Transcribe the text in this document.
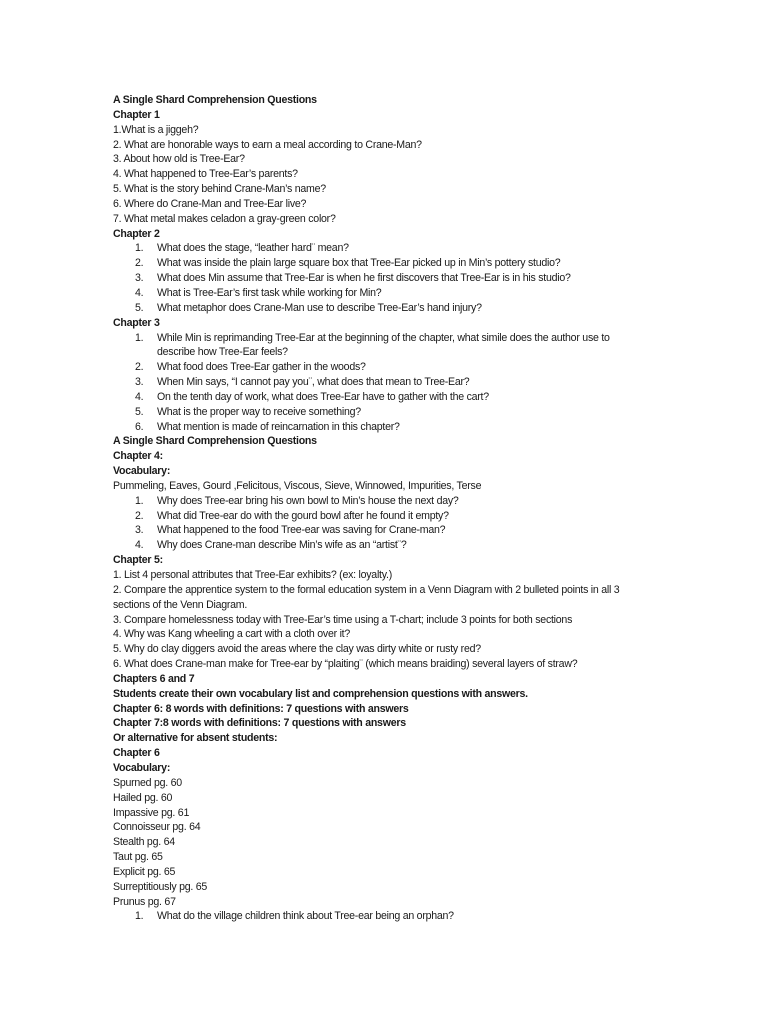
A Single Shard Comprehension Questions
Chapter 1
1.What is a jiggeh?
2. What are honorable ways to earn a meal according to Crane-Man?
3. About how old is Tree-Ear?
4. What happened to Tree-Ear’s parents?
5. What is the story behind Crane-Man’s name?
6. Where do Crane-Man and Tree-Ear live?
7. What metal makes celadon a gray-green color?
Chapter 2
1.	What does the stage, “leather hard¨ mean?
2.	What was inside the plain large square box that Tree-Ear picked up in Min’s pottery studio?
3.	What does Min assume that Tree-Ear is when he first discovers that Tree-Ear is in his studio?
4.	What is Tree-Ear’s first task while working for Min?
5.	What metaphor does Crane-Man use to describe Tree-Ear’s hand injury?
Chapter 3
1.	While Min is reprimanding Tree-Ear at the beginning of the chapter, what simile does the author use to describe how Tree-Ear feels?
2.	What food does Tree-Ear gather in the woods?
3.	When Min says, “I cannot pay you¨, what does that mean to Tree-Ear?
4.	On the tenth day of work, what does Tree-Ear have to gather with the cart?
5.	What is the proper way to receive something?
6.	What mention is made of reincarnation in this chapter?
A Single Shard Comprehension Questions
Chapter 4:
Vocabulary:
Pummeling, Eaves, Gourd ,Felicitous, Viscous, Sieve, Winnowed, Impurities, Terse
1.	Why does Tree-ear bring his own bowl to Min’s house the next day?
2.	What did Tree-ear do with the gourd bowl after he found it empty?
3.	What happened to the food Tree-ear was saving for Crane-man?
4.	Why does Crane-man describe Min’s wife as an “artist¨?
Chapter 5:
1. List 4 personal attributes that Tree-Ear exhibits? (ex: loyalty.)
2. Compare the apprentice system to the formal education system in a Venn Diagram with 2 bulleted points in all 3 sections of the Venn Diagram.
3. Compare homelessness today with Tree-Ear’s time using a T-chart; include 3 points for both sections
4. Why was Kang wheeling a cart with a cloth over it?
5. Why do clay diggers avoid the areas where the clay was dirty white or rusty red?
6. What does Crane-man make for Tree-ear by “plaiting¨ (which means braiding) several layers of straw?
Chapters 6 and 7
Students create their own vocabulary list and comprehension questions with answers.
Chapter 6: 8 words with definitions: 7 questions with answers
Chapter 7:8 words with definitions: 7 questions with answers
Or alternative for absent students:
Chapter 6
Vocabulary:
Spurned pg. 60
Hailed pg. 60
Impassive pg. 61
Connoisseur pg. 64
Stealth pg. 64
Taut pg. 65
Explicit pg. 65
Surreptitiously pg. 65
Prunus pg. 67
1.	What do the village children think about Tree-ear being an orphan?
